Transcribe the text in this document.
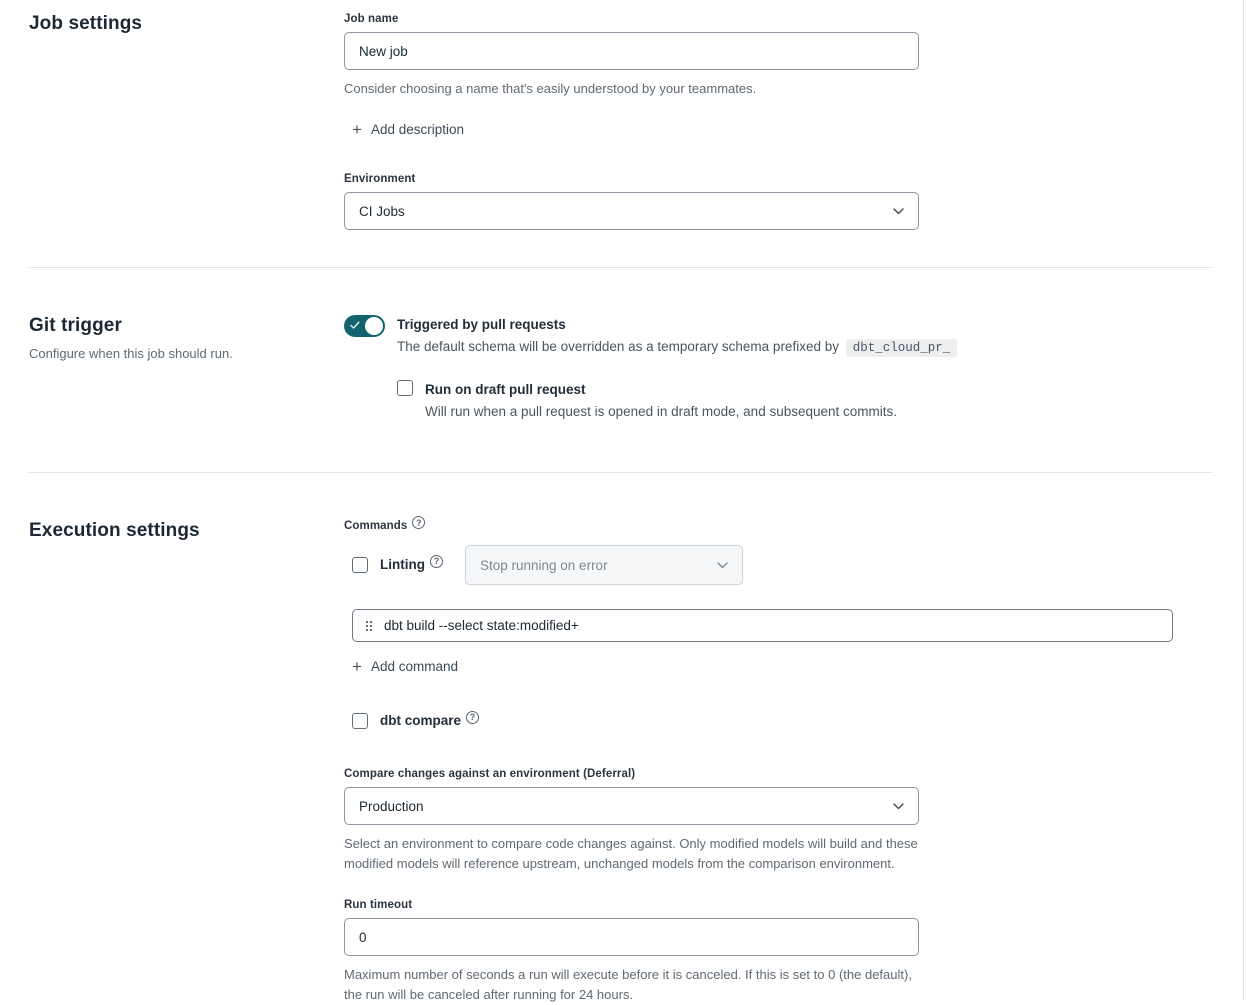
Job settings	Job name
New job

Consider choosing a name that's easily understood by your teammates.

+ Add description
Environment
CI Jobs
Git trigger

Configure when this job should run.

Triggered by pull requests
The default schema will be overridden as a temporary schema prefixed by dbt_cloud_pr_
Run on draft pull request
Will run when a pull request is opened in draft mode, and subsequent commits.
Execution settings	Commands ?
Linting ?	Stop running on error
dbt build --select state:modified+
+ Add command
dbt compare ?
Compare changes against an environment (Deferral)
Production

Select an environment to compare code changes against. Only modified models will build and these modified models will reference upstream, unchanged models from the comparison environment.

Run timeout
0

Maximum number of seconds a run will execute before it is canceled. If this is set to 0 (the default), the run will be canceled after running for 24 hours.
